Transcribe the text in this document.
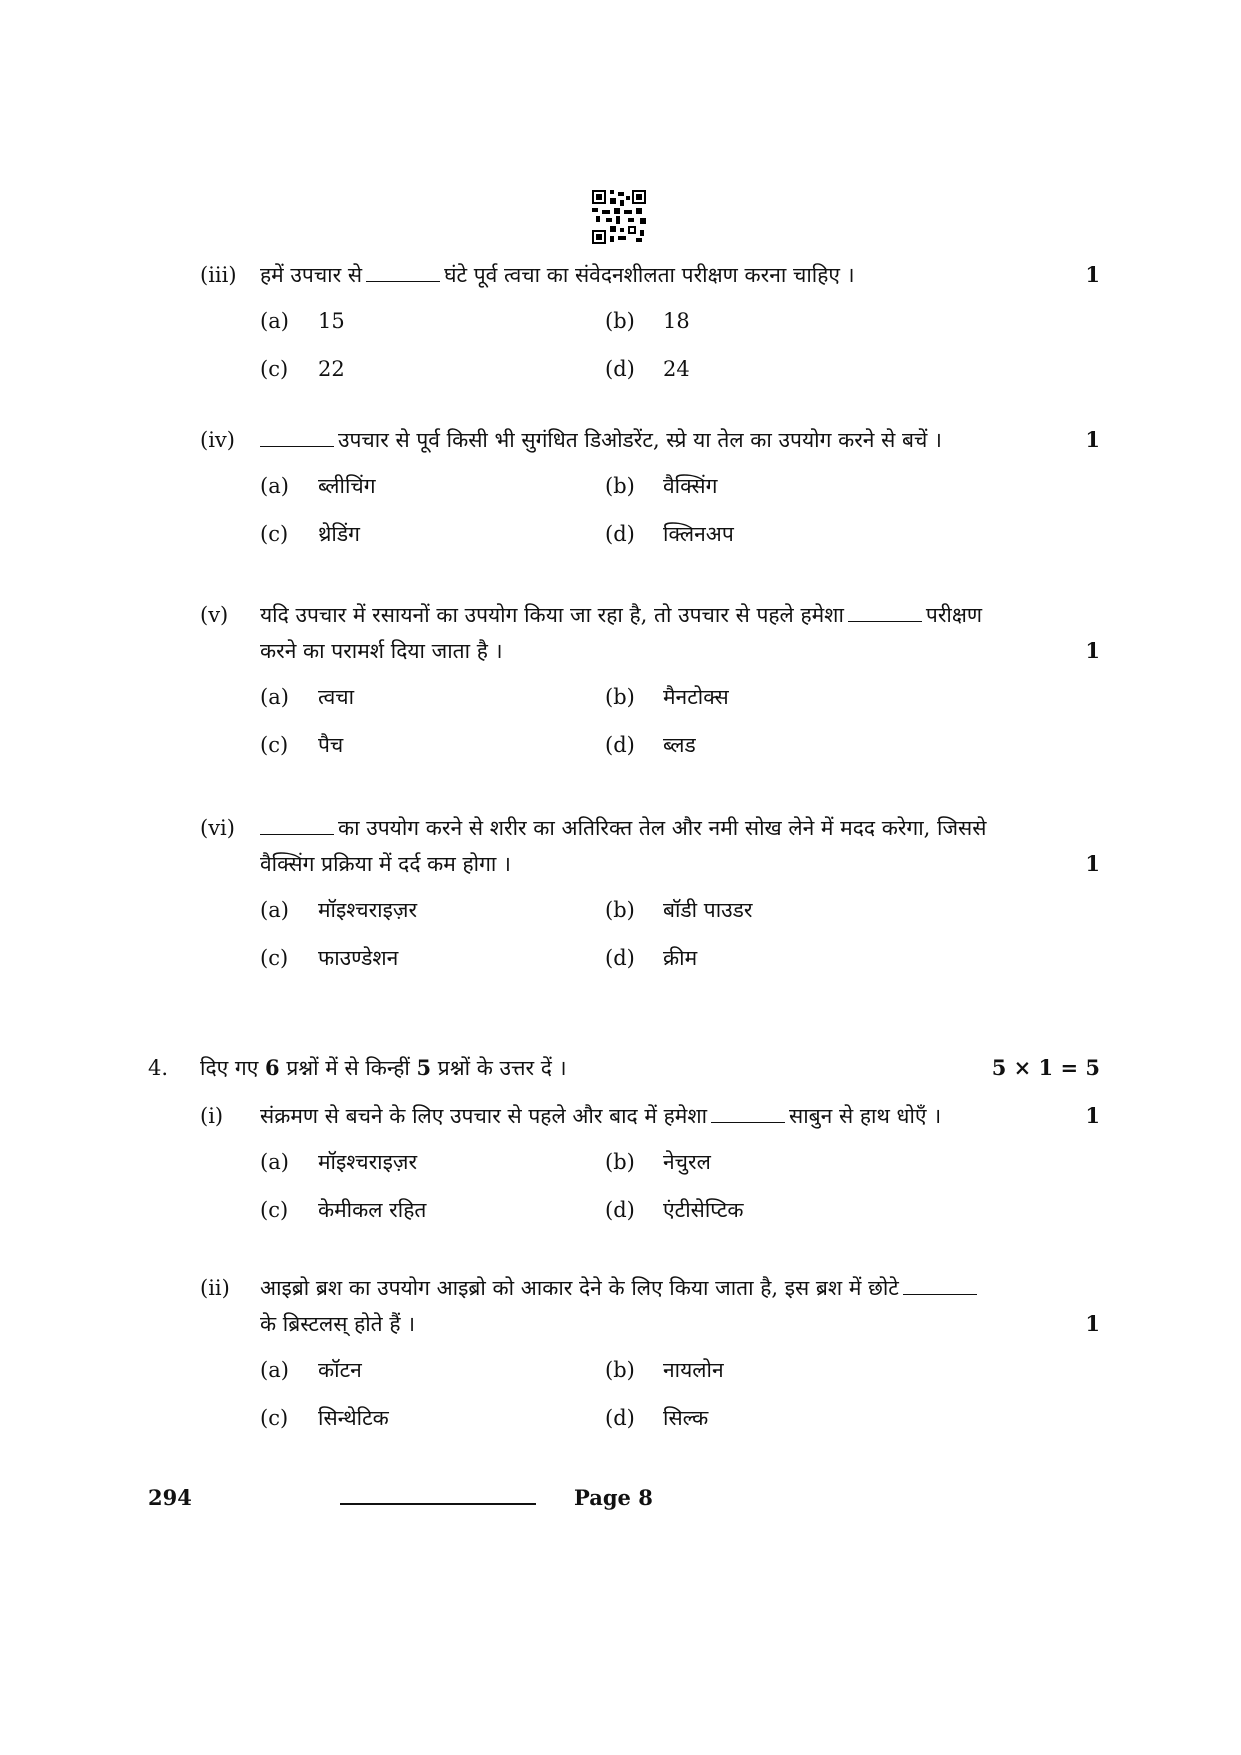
(iii)	हमें उपचार से	घंटे पूर्व त्वचा का संवेदनशीलता परीक्षण करना चाहिए ।	1
(a)	15	(b)	18
(c)	22	(d)	24
(iv)	उपचार से पूर्व किसी भी सुगंधित डिओडरेंट, स्प्रे या तेल का उपयोग करने से बचें ।	1
(a)	ब्लीचिंग	(b)	वैक्सिंग
(c)	थ्रेडिंग	(d)	क्लिनअप
(v)	यदि उपचार में रसायनों का उपयोग किया जा रहा है, तो उपचार से पहले हमेशा	परीक्षण
करने का परामर्श दिया जाता है ।	1
(a)	त्वचा	(b)	मैनटोक्स
(c)	पैच	(d)	ब्लड
(vi)	का उपयोग करने से शरीर का अतिरिक्त तेल और नमी सोख लेने में मदद करेगा, जिससे
वैक्सिंग प्रक्रिया में दर्द कम होगा ।	1
(a)	मॉइश्चराइज़र	(b)	बॉडी पाउडर
(c)	फाउण्डेशन	(d)	क्रीम
4.	दिए गए 6 प्रश्नों में से किन्हीं 5 प्रश्नों के उत्तर दें ।	5 × 1 = 5
(i)	संक्रमण से बचने के लिए उपचार से पहले और बाद में हमेशा	साबुन से हाथ धोएँ ।	1
(a)	मॉइश्चराइज़र	(b)	नेचुरल
(c)	केमीकल रहित	(d)	एंटीसेप्टिक
(ii)	आइब्रो ब्रश का उपयोग आइब्रो को आकार देने के लिए किया जाता है, इस ब्रश में छोटे
के ब्रिस्टलस् होते हैं ।	1
(a)	कॉटन	(b)	नायलोन
(c)	सिन्थेटिक	(d)	सिल्क
294	Page 8
